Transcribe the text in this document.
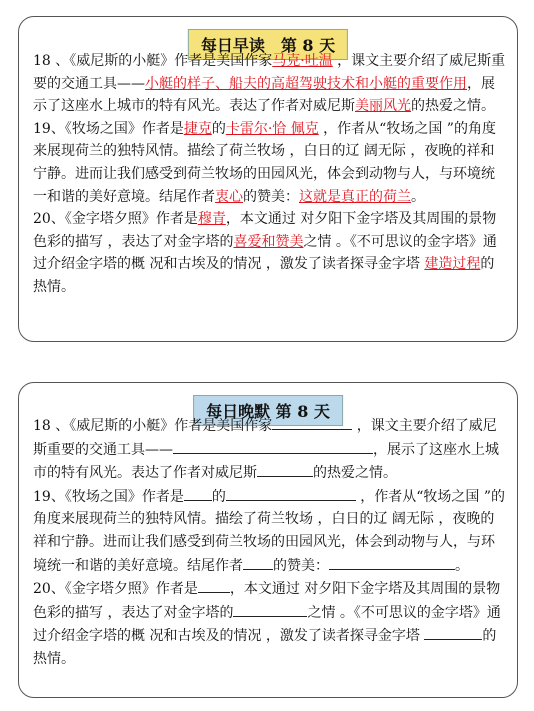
每日早读　第 8 天

18 、《威尼斯的小艇》作者是美国作家马克·吐温 ，课文主要介绍了威尼斯重要的交通工具——小艇的样子、船夫的高超驾驶技术和小艇的重要作用，展示了这座水上城市的特有风光。表达了作者对威尼斯美丽风光的热爱之情。

19、《牧场之国》作者是捷克的卡雷尔·恰 佩克 ，作者从“牧场之国 ”的角度来展现荷兰的独特风情。描绘了荷兰牧场 ，白日的辽 阔无际 ，夜晚的祥和宁静。进而让我们感受到荷兰牧场的田园风光，体会到动物与人，与环境统一和谐的美好意境。结尾作者衷心的赞美：这就是真正的荷兰。

20、《金字塔夕照》作者是穆青，本文通过 对夕阳下金字塔及其周围的景物色彩的描写 ，表达了对金字塔的喜爱和赞美之情 。《不可思议的金字塔》通过介绍金字塔的概 况和古埃及的情况 ，激发了读者探寻金字塔 建造过程的热情。

每日晚默 第 8 天

18 、《威尼斯的小艇》作者是美国作家	，课文主要介绍了威尼斯重要的交通工具——	，展示了这座水上城市的特有风光。表达了作者对威尼斯	的热爱之情。

19、《牧场之国》作者是 的	，作者从“牧场之国 ”的角度来展现荷兰的独特风情。描绘了荷兰牧场 ，白日的辽 阔无际 ，夜晚的祥和宁静。进而让我们感受到荷兰牧场的田园风光，体会到动物与人，与环境统一和谐的美好意境。结尾作者 的赞美：	。

20、《金字塔夕照》作者是 ，本文通过 对夕阳下金字塔及其周围的景物色彩的描写 ，表达了对金字塔的	之情 。《不可思议的金字塔》通过介绍金字塔的概 况和古埃及的情况 ，激发了读者探寻金字塔	的热情。
